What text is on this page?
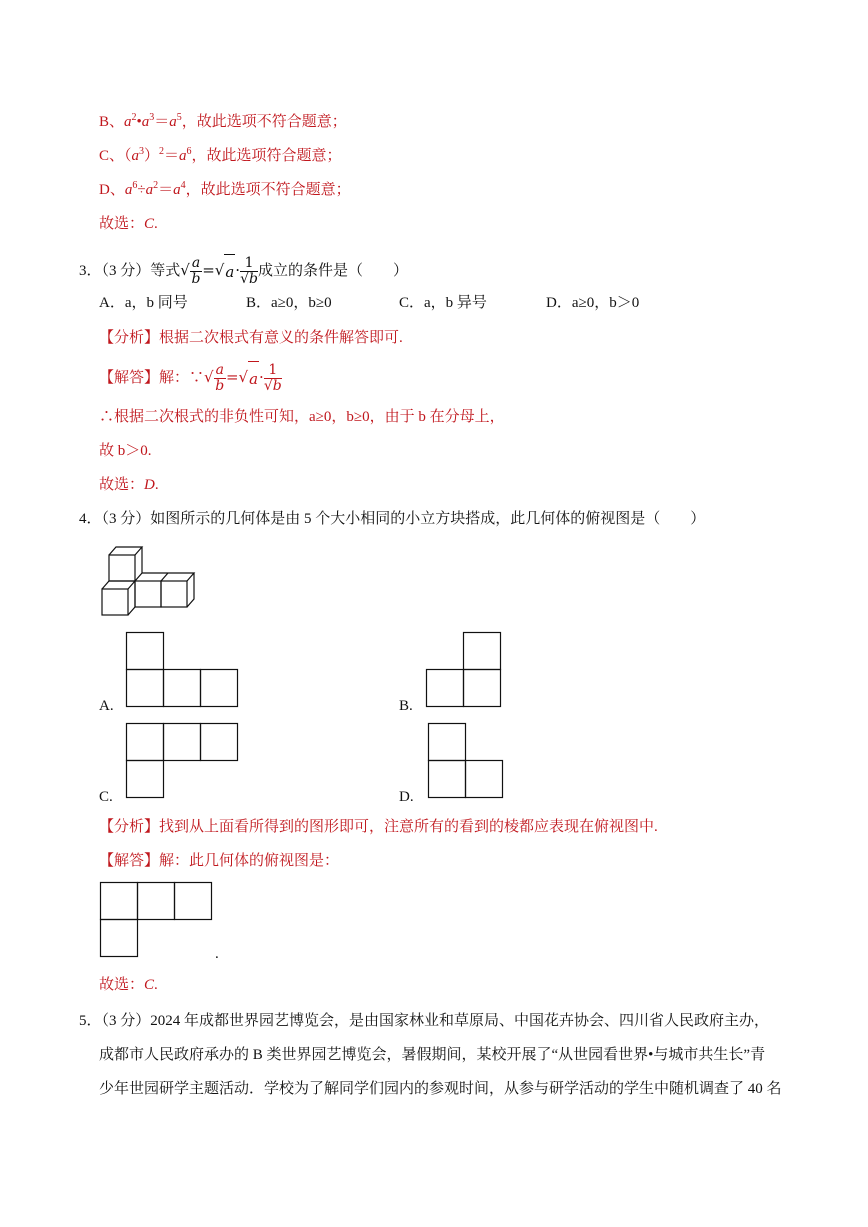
B、$a^2•a^3=a^5$，故此选项不符合题意；
C、$(a^3)^2=a^6$，故此选项符合题意；
D、$a^6\div a^2=a^4$，故此选项不符合题意；
故选：C.
3．（3 分）等式√ $\frac{a}{b} =√a\cdot \frac{1}{√b}$ 成立的条件是（　　）
A．a，b 同号	B．a≥0，b≥0	C．a，b 异号	D．a≥0，b＞0
【分析】根据二次根式有意义的条件解答即可.
【解答】解：∵√ $\frac{a}{b} =√a\cdot \frac{1}{√b}$
∴根据二次根式的非负性可知，a≥0，b≥0，由于 b 在分母上，
故 b＞0.
故选：D.
4．（3 分）如图所示的几何体是由 5 个大小相同的小立方块搭成，此几何体的俯视图是（　　）
A.	B.
C.	D.
【分析】找到从上面看所得到的图形即可，注意所有的看到的棱都应表现在俯视图中.
【解答】解：此几何体的俯视图是：
.
故选：C.
5．（3 分）2024 年成都世界园艺博览会，是由国家林业和草原局、中国花卉协会、四川省人民政府主办，
成都市人民政府承办的 B 类世界园艺博览会，暑假期间，某校开展了“从世园看世界•与城市共生长”青
少年世园研学主题活动．学校为了解同学们园内的参观时间，从参与研学活动的学生中随机调查了 40 名
